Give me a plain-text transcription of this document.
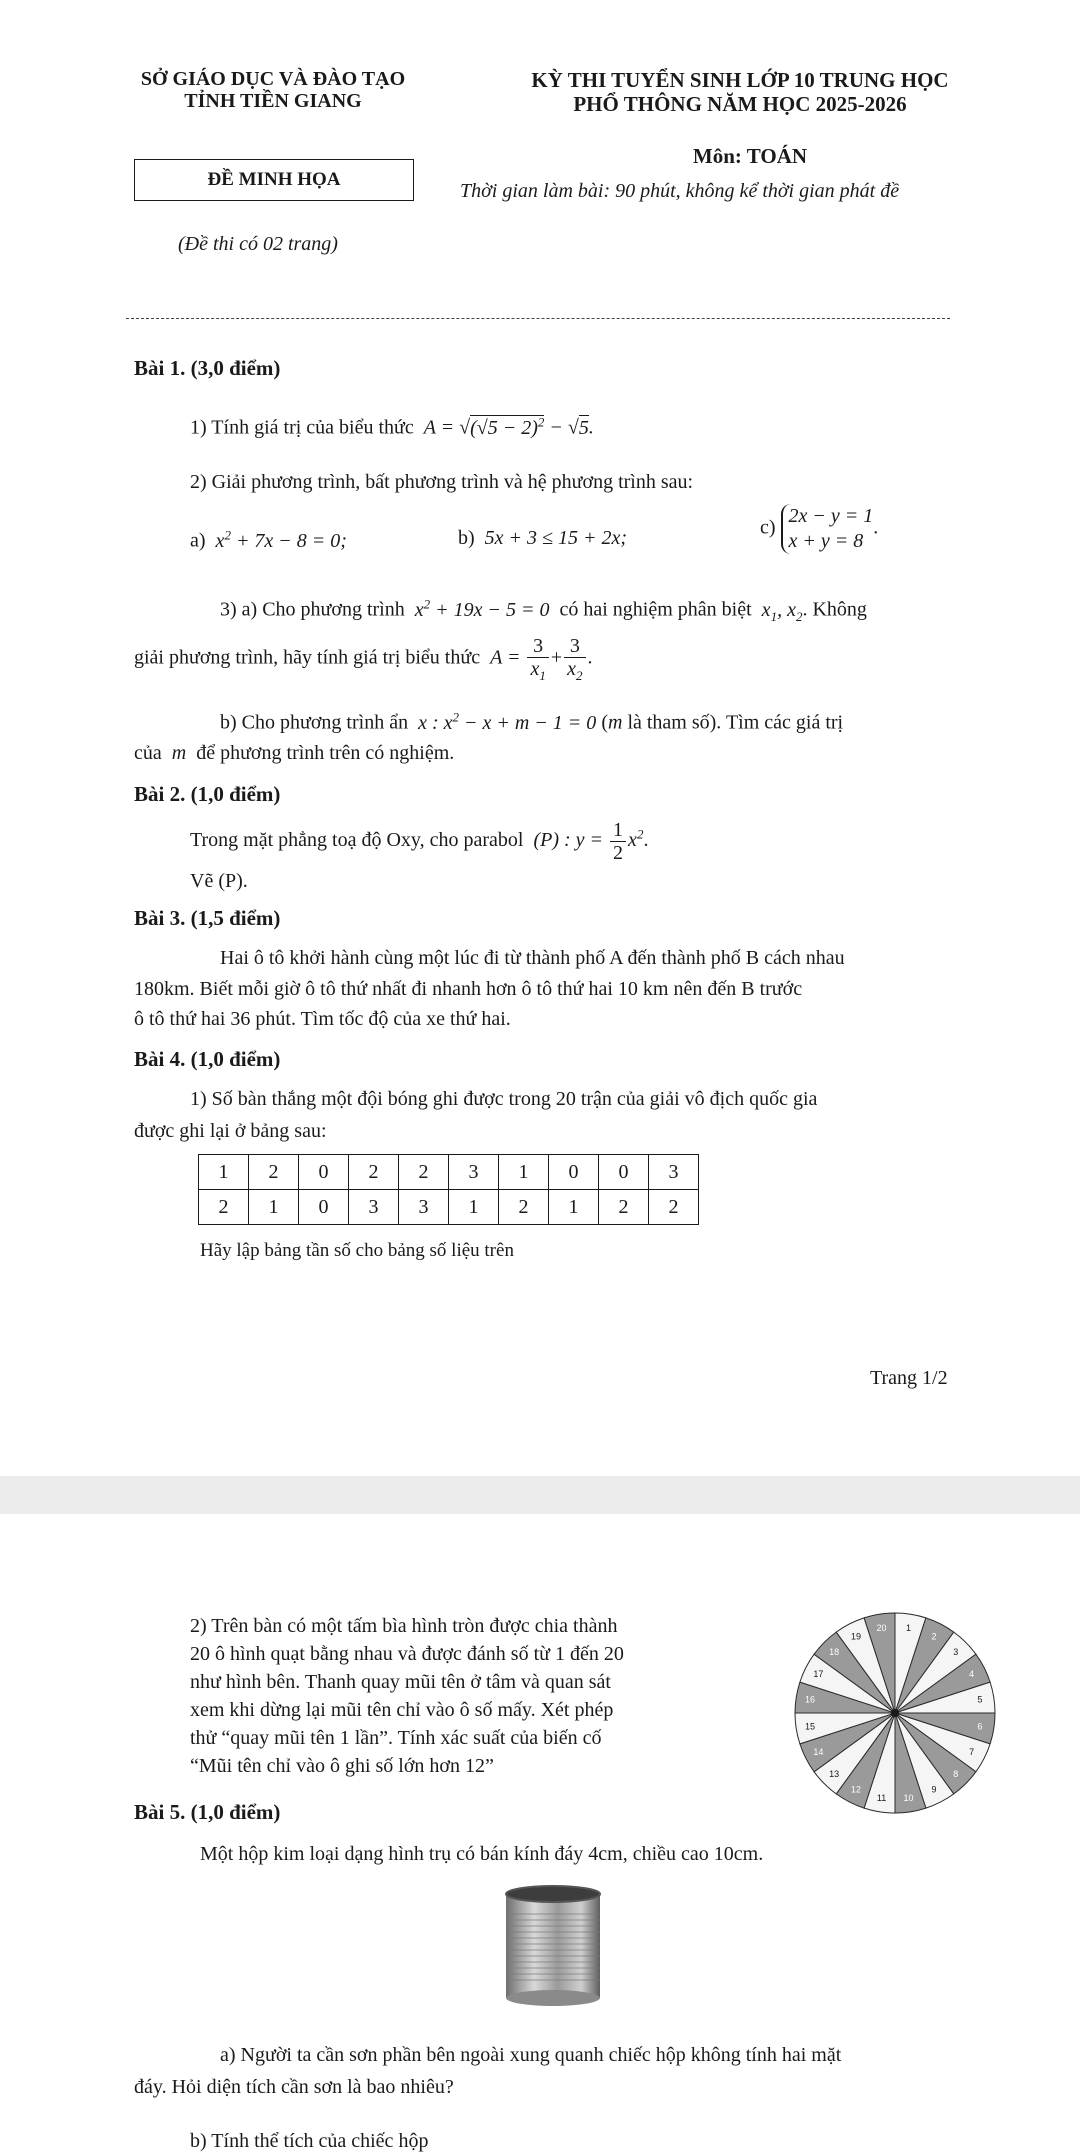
SỞ GIÁO DỤC VÀ ĐÀO TẠO
TỈNH TIỀN GIANG
KỲ THI TUYỂN SINH LỚP 10 TRUNG HỌC
PHỔ THÔNG NĂM HỌC 2025-2026
Môn: TOÁN
ĐỀ MINH HỌA
Thời gian làm bài: 90 phút, không kể thời gian phát đề
(Đề thi có 02 trang)
Bài 1. (3,0 điểm)
1) Tính giá trị của biểu thức  $A = √(√5 - 2)^2 - √5$.
2) Giải phương trình, bất phương trình và hệ phương trình sau:
a)  $x^2 + 7x - 8 = 0$;	b)  5x + 3 ≤ 15 + 2x;	c) 2x − y = 1
x + y = 8.
3) a) Cho phương trình  $x^2 + 19x - 5 = 0$  có hai nghiệm phân biệt  $x_1$, $x_2$. Không
giải phương trình, hãy tính giá trị biểu thức  $A = \frac{3}{x_1} + \frac{3}{x_2}$ .
b) Cho phương trình ẩn  x : $x^2 - x + m - 1 = 0$ (m là tham số). Tìm các giá trị
của  m  để phương trình trên có nghiệm.
Bài 2. (1,0 điểm)
Trong mặt phẳng toạ độ Oxy, cho parabol  (P) : $y = \frac{1}{2} x^2$.
Vẽ (P).
Bài 3. (1,5 điểm)
Hai ô tô khởi hành cùng một lúc đi từ thành phố A đến thành phố B cách nhau
180km. Biết mỗi giờ ô tô thứ nhất đi nhanh hơn ô tô thứ hai 10 km nên đến B trước
ô tô thứ hai 36 phút. Tìm tốc độ của xe thứ hai.
Bài 4. (1,0 điểm)
1) Số bàn thắng một đội bóng ghi được trong 20 trận của giải vô địch quốc gia
được ghi lại ở bảng sau:
1	2	0	2	2	3	1	0	0	3
2	1	0	3	3	1	2	1	2	2
Hãy lập bảng tần số cho bảng số liệu trên
Trang 1/2
2) Trên bàn có một tấm bìa hình tròn được chia thành
20 ô hình quạt bằng nhau và được đánh số từ 1 đến 20
như hình bên. Thanh quay mũi tên ở tâm và quan sát
xem khi dừng lại mũi tên chỉ vào ô số mấy. Xét phép
thử “quay mũi tên 1 lần”. Tính xác suất của biến cố
“Mũi tên chỉ vào ô ghi số lớn hơn 12”
1
2
3
4
5
6
7
8
9
10
11
12
13
14
15
16
17
18
19
20
Bài 5. (1,0 điểm)
Một hộp kim loại dạng hình trụ có bán kính đáy 4cm, chiều cao 10cm.
a) Người ta cần sơn phần bên ngoài xung quanh chiếc hộp không tính hai mặt
đáy. Hỏi diện tích cần sơn là bao nhiêu?
b) Tính thể tích của chiếc hộp
